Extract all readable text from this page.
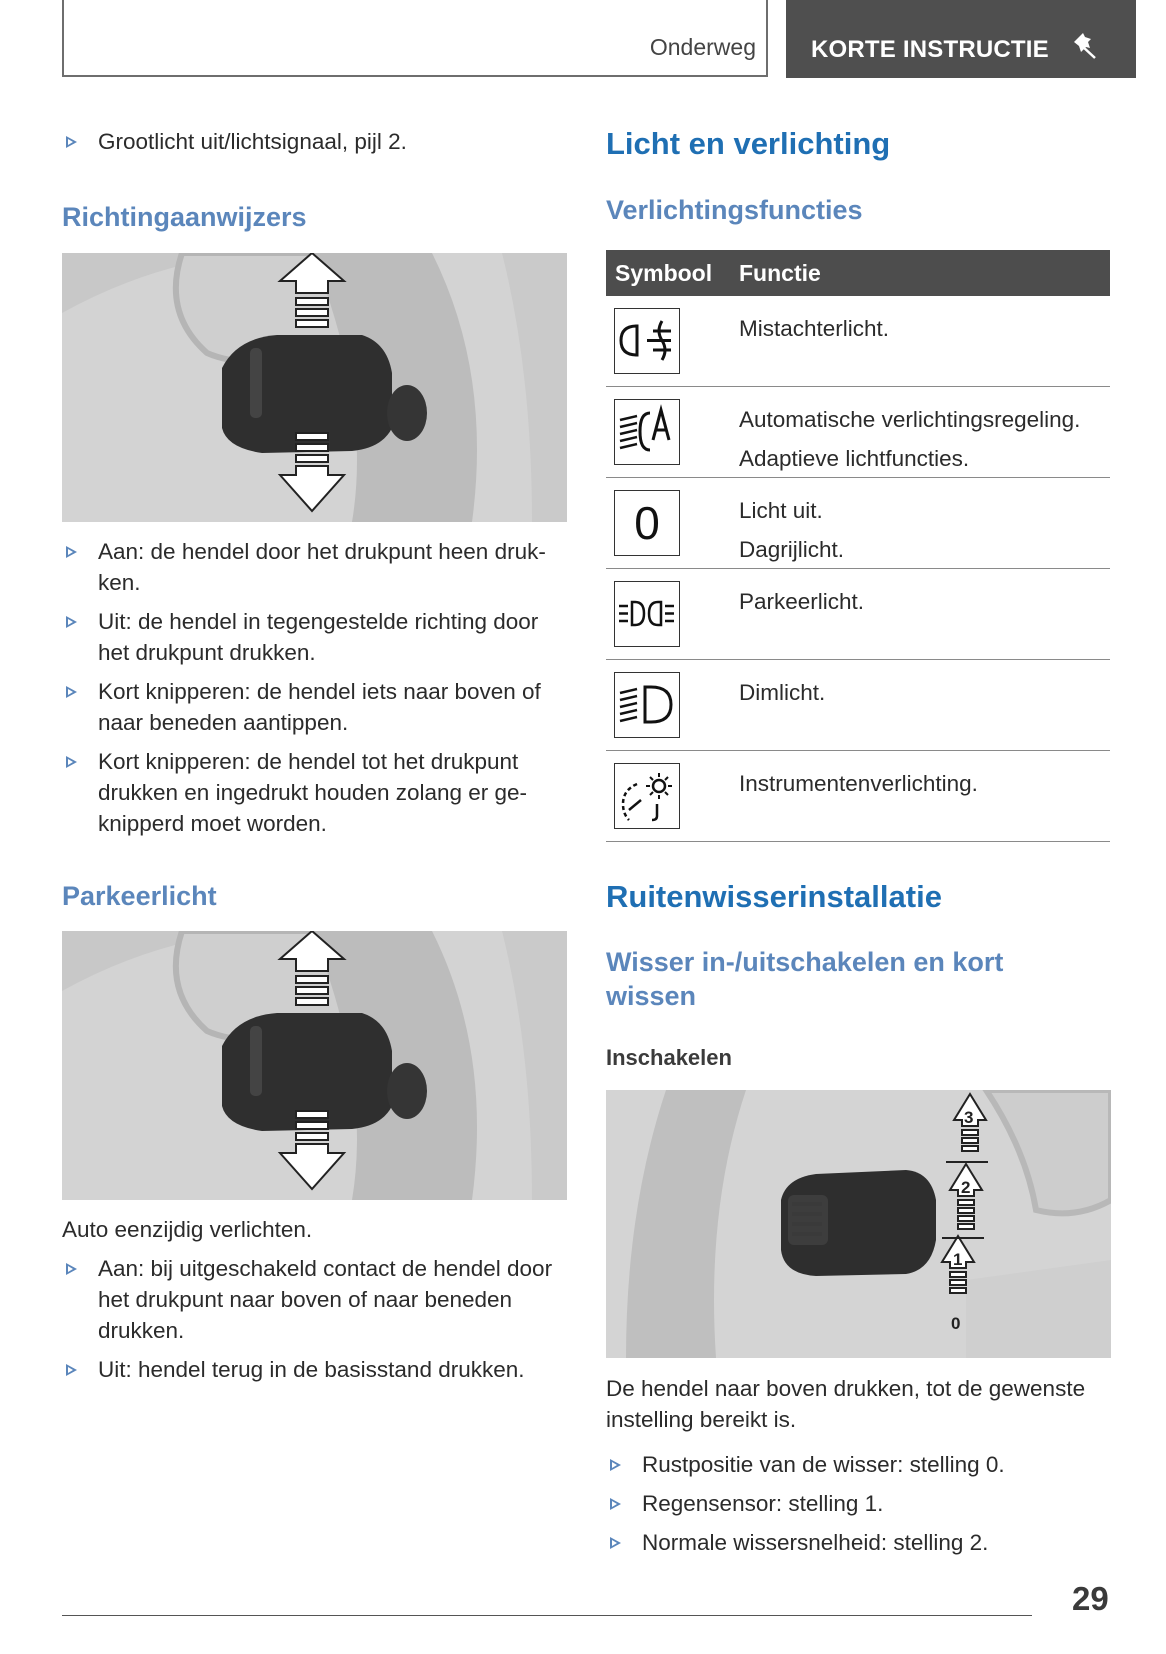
Onderweg KORTE INSTRUCTIE
Grootlicht uit/lichtsignaal, pijl 2.
Richtingaanwijzers
Aan: de hendel door het drukpunt heen druk-
ken.
Uit: de hendel in tegengestelde richting door
het drukpunt drukken.
Kort knipperen: de hendel iets naar boven of
naar beneden aantippen.
Kort knipperen: de hendel tot het drukpunt
drukken en ingedrukt houden zolang er ge-
knipperd moet worden.
Parkeerlicht
Auto eenzijdig verlichten.
Aan: bij uitgeschakeld contact de hendel door
het drukpunt naar boven of naar beneden
drukken.
Uit: hendel terug in de basisstand drukken.
Licht en verlichting
Verlichtingsfuncties
Symbool Functie
Mistachterlicht.
Automatische verlichtingsregeling.
Adaptieve lichtfuncties.
0	Licht uit.
Dagrijlicht.
Parkeerlicht.
Dimlicht.
Instrumentenverlichting.
Ruitenwisserinstallatie
Wisser in-/uitschakelen en kort
wissen
Inschakelen
3
2
1
0
De hendel naar boven drukken, tot de gewenste
instelling bereikt is.
Rustpositie van de wisser: stelling 0.
Regensensor: stelling 1.
Normale wissersnelheid: stelling 2.
29
